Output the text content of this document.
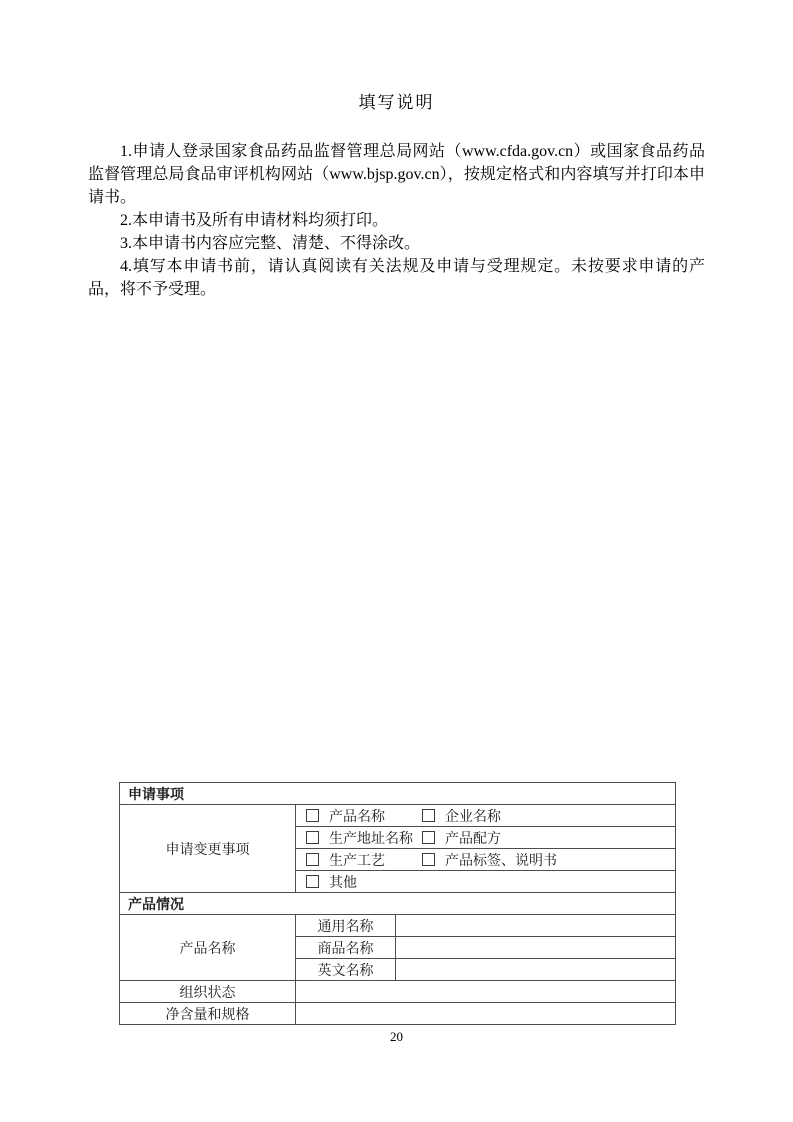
填写说明

1.申请人登录国家食品药品监督管理总局网站（www.cfda.gov.cn）或国家食品药品监督管理总局食品审评机构网站（www.bjsp.gov.cn），按规定格式和内容填写并打印本申请书。

2.本申请书及所有申请材料均须打印。

3.本申请书内容应完整、清楚、不得涂改。

4.填写本申请书前，请认真阅读有关法规及申请与受理规定。未按要求申请的产品，将不予受理。

申请事项		
申请变更事项	产品名称 企业名称	
	生产地址名称 产品配方	
	生产工艺 产品标签、说明书	
	其他	
产品情况		
产品名称	通用名称	
	商品名称	
	英文名称	
组织状态		
净含量和规格		
20
